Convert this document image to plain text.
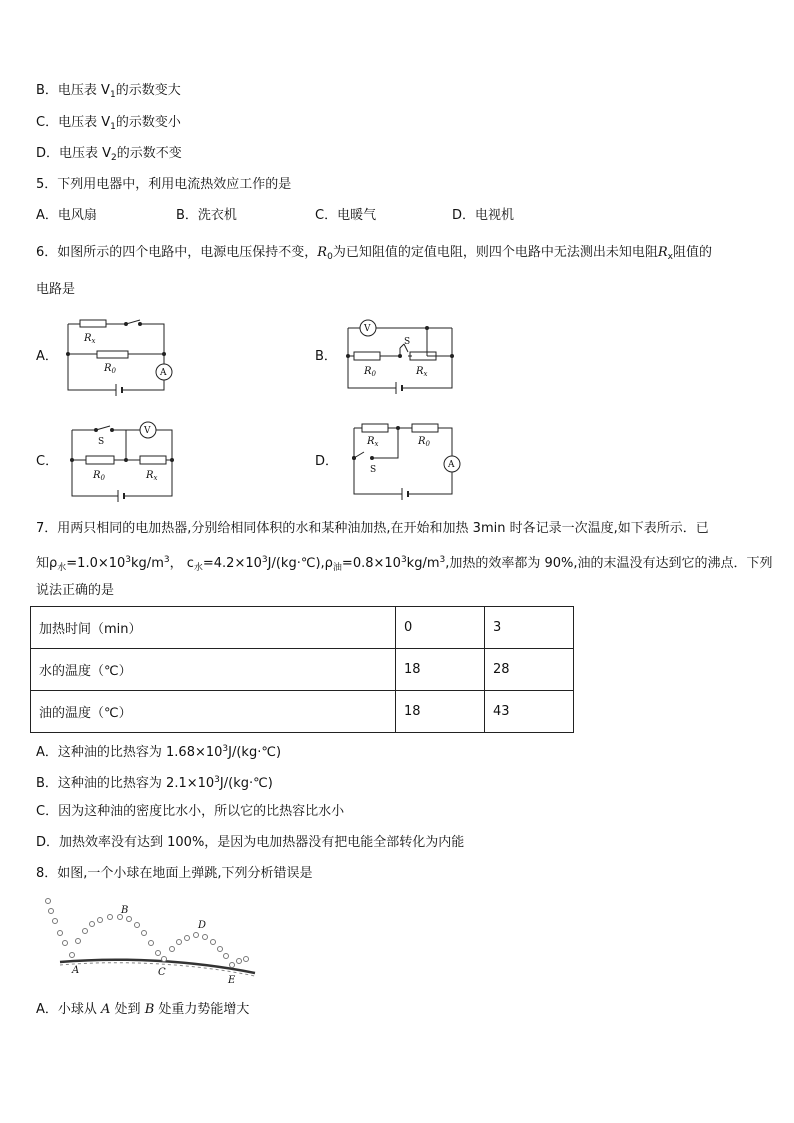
B．电压表 $V_1$的示数变大
C．电压表 $V_1$的示数变小
D．电压表 $V_2$的示数不变
5．下列用电器中，利用电流热效应工作的是
A．电风扇	B．洗衣机	C．电暖气	D．电视机
6．如图所示的四个电路中，电源电压保持不变，$R_0$为已知阻值的定值电阻，则四个电路中无法测出未知电阻$R_x$阻值的
电路是
A．	B．
C．	D．
A
$R_x$
$R_0$
V
S
$R_0$	$R_x$
V
S
$R_0$	$R_x$
A
S
$R_x$	$R_0$
7．用两只相同的电加热器,分别给相同体积的水和某种油加热,在开始和加热 3min 时各记录一次温度,如下表所示．已
知$\rho_水=1.0\times 10^3kg/m^3$， $c_水=4.2\times 10^3J/(kg\cdot℃),\rho_油=0.8\times 10^3kg/m^3$,加热的效率都为 90%,油的末温没有达到它的沸点．下列
说法正确的是
加热时间（min）	0	3
水的温度（℃）	18	28
油的温度（℃）	18	43
A．这种油的比热容为 $1.68\times 10^3J/(kg\cdot℃)$
B．这种油的比热容为 $2.1\times 10^3J/(kg\cdot℃)$
C．因为这种油的密度比水小，所以它的比热容比水小
D．加热效率没有达到 100%，是因为电加热器没有把电能全部转化为内能
8．如图,一个小球在地面上弹跳,下列分析错误是
A
B
C
D
E
A．小球从 A 处到 B 处重力势能增大
